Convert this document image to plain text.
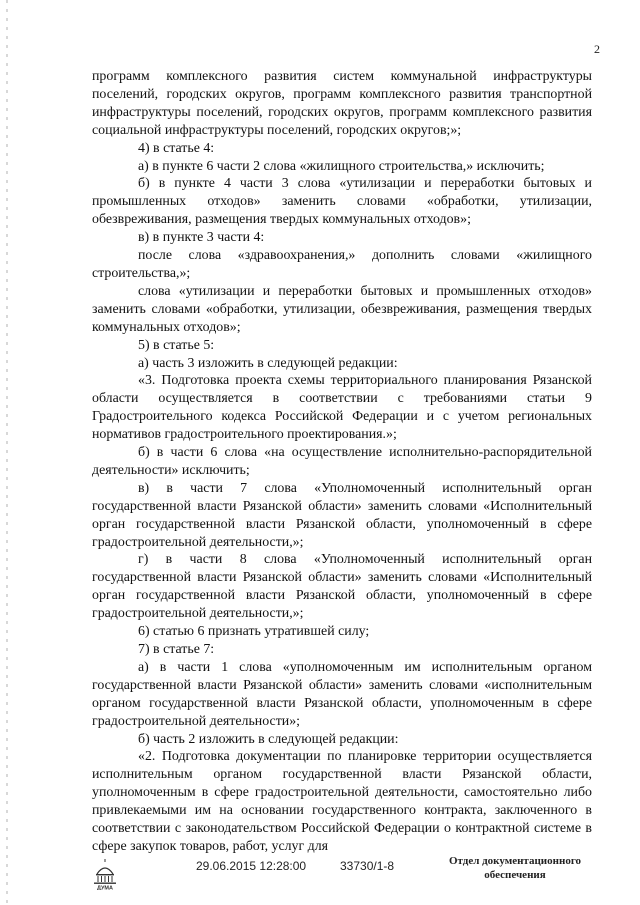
2

программ комплексного развития систем коммунальной инфраструктуры поселений, городских округов, программ комплексного развития транспортной инфраструктуры поселений, городских округов, программ комплексного развития социальной инфраструктуры поселений, городских округов;»;

4) в статье 4:

а) в пункте 6 части 2 слова «жилищного строительства,» исключить;

б) в пункте 4 части 3 слова «утилизации и переработки бытовых и промышленных отходов» заменить словами «обработки, утилизации, обезвреживания, размещения твердых коммунальных отходов»;

в) в пункте 3 части 4:

после слова «здравоохранения,» дополнить словами «жилищного строительства,»;

слова «утилизации и переработки бытовых и промышленных отходов» заменить словами «обработки, утилизации, обезвреживания, размещения твердых коммунальных отходов»;

5) в статье 5:

а) часть 3 изложить в следующей редакции:

«3. Подготовка проекта схемы территориального планирования Рязанской области осуществляется в соответствии с требованиями статьи 9 Градостроительного кодекса Российской Федерации и с учетом региональных нормативов градостроительного проектирования.»;

б) в части 6 слова «на осуществление исполнительно-распорядительной деятельности» исключить;

в) в части 7 слова «Уполномоченный исполнительный орган государственной власти Рязанской области» заменить словами «Исполнительный орган государственной власти Рязанской области, уполномоченный в сфере градостроительной деятельности,»;

г) в части 8 слова «Уполномоченный исполнительный орган государственной власти Рязанской области» заменить словами «Исполнительный орган государственной власти Рязанской области, уполномоченный в сфере градостроительной деятельности,»;

6) статью 6 признать утратившей силу;

7) в статье 7:

а) в части 1 слова «уполномоченным им исполнительным органом государственной власти Рязанской области» заменить словами «исполнительным органом государственной власти Рязанской области, уполномоченным в сфере градостроительной деятельности»;

б) часть 2 изложить в следующей редакции:

«2. Подготовка документации по планировке территории осуществляется исполнительным органом государственной власти Рязанской области, уполномоченным в сфере градостроительной деятельности, самостоятельно либо привлекаемыми им на основании государственного контракта, заключенного в соответствии с законодательством Российской Федерации о контрактной системе в сфере закупок товаров, работ, услуг для

ДУМА
29.06.2015 12:28:00	33730/1-8	Отдел документационного обеспечения
